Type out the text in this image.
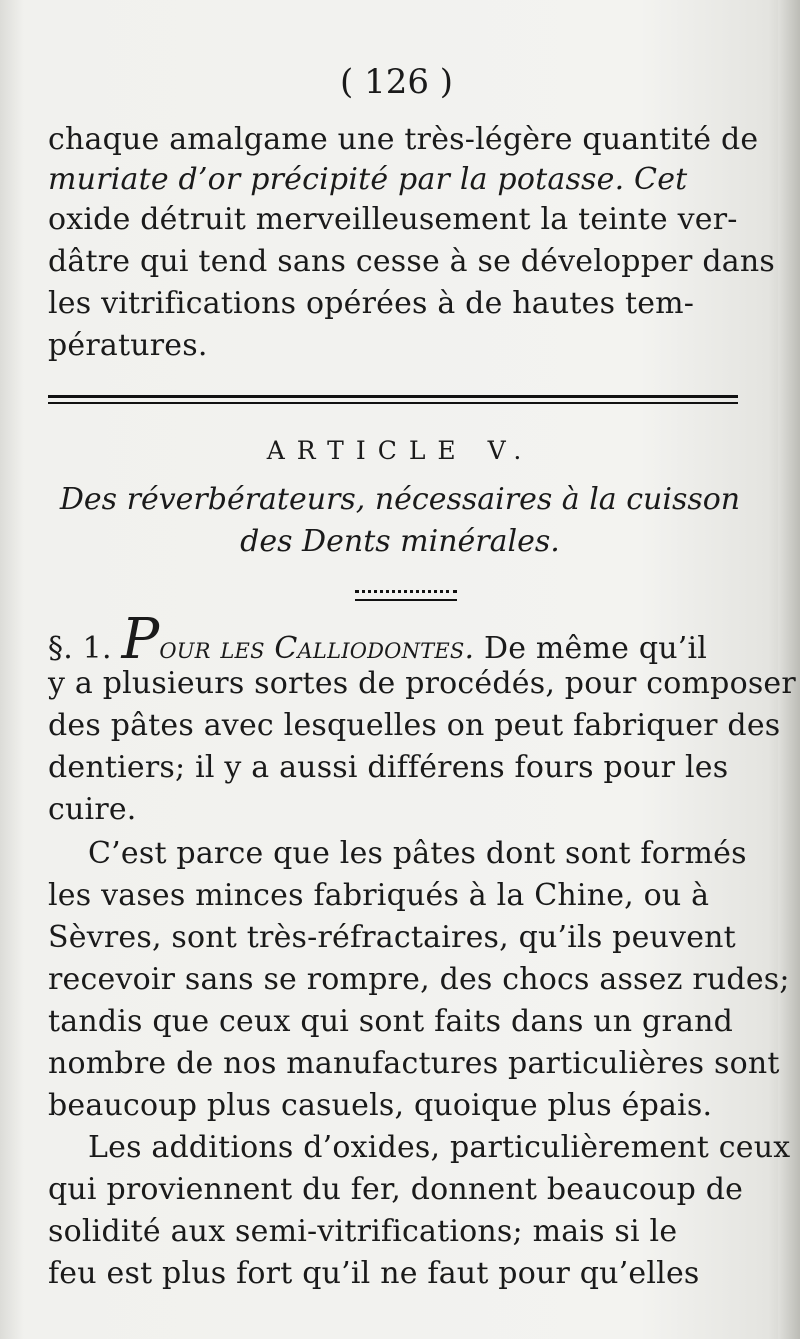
( 126 )
chaque amalgame une très-légère quantité de
muriate d’or précipité par la potasse. Cet
oxide détruit merveilleusement la teinte ver-
dâtre qui tend sans cesse à se développer dans
les vitrifications opérées à de hautes tem-
pératures.
ARTICLE V.
Des réverbérateurs, nécessaires à la cuisson
des Dents minérales.
§. 1. Pour les Calliodontes. De même qu’il
y a plusieurs sortes de procédés, pour composer
des pâtes avec lesquelles on peut fabriquer des
dentiers; il y a aussi différens fours pour les
cuire.
C’est parce que les pâtes dont sont formés
les vases minces fabriqués à la Chine, ou à
Sèvres, sont très-réfractaires, qu’ils peuvent
recevoir sans se rompre, des chocs assez rudes;
tandis que ceux qui sont faits dans un grand
nombre de nos manufactures particulières sont
beaucoup plus casuels, quoique plus épais.
Les additions d’oxides, particulièrement ceux
qui proviennent du fer, donnent beaucoup de
solidité aux semi-vitrifications; mais si le
feu est plus fort qu’il ne faut pour qu’elles
